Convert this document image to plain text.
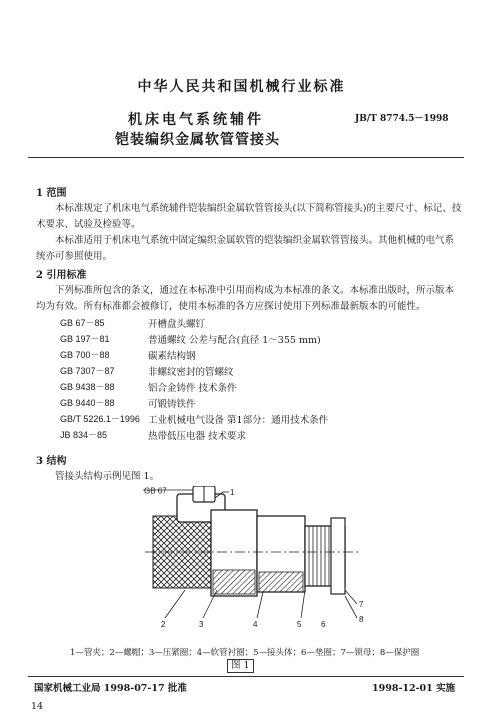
中华人民共和国机械行业标准
机床电气系统辅件
铠装编织金属软管管接头
JB/T 8774.5－1998
1 范围

本标准规定了机床电气系统辅件铠装编织金属软管管接头(以下简称管接头)的主要尺寸、标记、技术要求、试验及检验等。

本标准适用于机床电气系统中固定编织金属软管的铠装编织金属软管管接头。其他机械的电气系统亦可参照使用。

2 引用标准

下列标准所包含的条文，通过在本标准中引用而构成为本标准的条文。本标准出版时，所示版本均为有效。所有标准都会被修订，使用本标准的各方应探讨使用下列标准最新版本的可能性。

GB 67－85	开槽盘头螺钉
GB 197－81	普通螺纹 公差与配合(直径 1～355 mm)
GB 700－88	碳素结构钢
GB 7307－87	非螺纹密封的管螺纹
GB 9438－88	铝合金铸件 技术条件
GB 9440－88	可锻铸铁件
GB/T 5226.1－1996 工业机械电气设备 第1部分：通用技术条件
JB 834－85	热带低压电器 技术要求
3 结构

管接头结构示例见图 1。

GB 67	1
2	3	4	5 6
7
8
1—管夹；2—螺帽；3—压紧圈；4—软管衬圈；5—接头体；6—垫圈；7—锁母；8—保护圈
图 1
国家机械工业局 1998-07-17 批准	1998-12-01 实施
14
